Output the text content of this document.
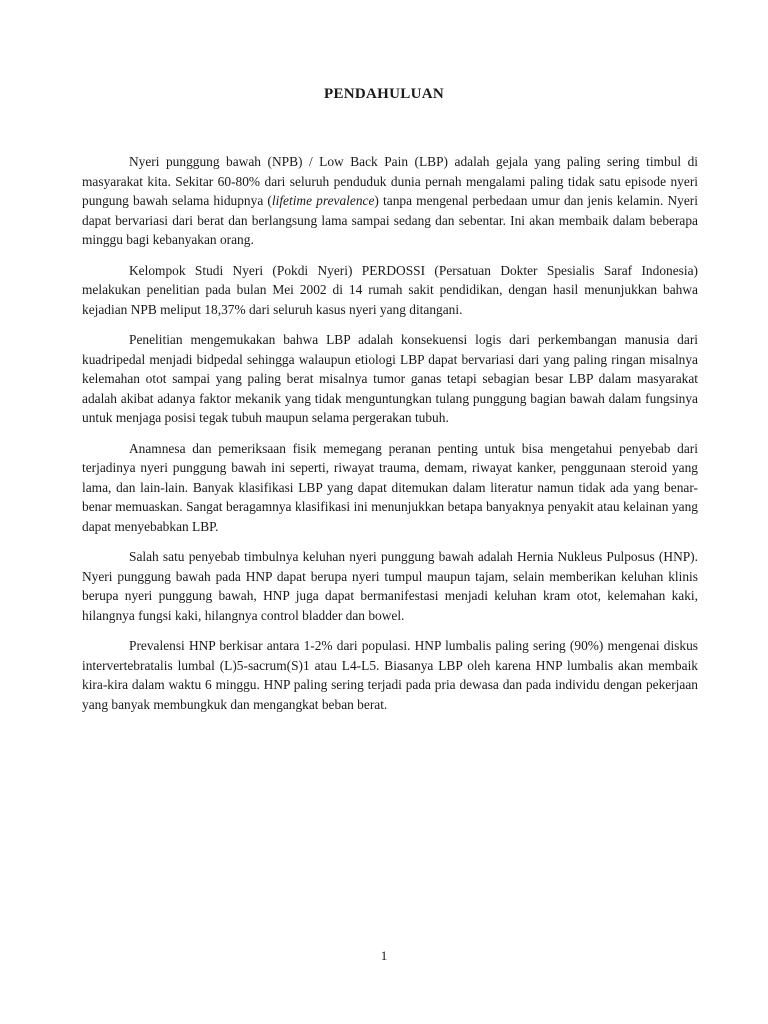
PENDAHULUAN

Nyeri punggung bawah (NPB) / Low Back Pain (LBP) adalah gejala yang paling sering timbul di masyarakat kita. Sekitar 60-80% dari seluruh penduduk dunia pernah mengalami paling tidak satu episode nyeri pungung bawah selama hidupnya (lifetime prevalence) tanpa mengenal perbedaan umur dan jenis kelamin. Nyeri dapat bervariasi dari berat dan berlangsung lama sampai sedang dan sebentar. Ini akan membaik dalam beberapa minggu bagi kebanyakan orang.

Kelompok Studi Nyeri (Pokdi Nyeri) PERDOSSI (Persatuan Dokter Spesialis Saraf Indonesia) melakukan penelitian pada bulan Mei 2002 di 14 rumah sakit pendidikan, dengan hasil menunjukkan bahwa kejadian NPB meliput 18,37% dari seluruh kasus nyeri yang ditangani.

Penelitian mengemukakan bahwa LBP adalah konsekuensi logis dari perkembangan manusia dari kuadripedal menjadi bidpedal sehingga walaupun etiologi LBP dapat bervariasi dari yang paling ringan misalnya kelemahan otot sampai yang paling berat misalnya tumor ganas tetapi sebagian besar LBP dalam masyarakat adalah akibat adanya faktor mekanik yang tidak menguntungkan tulang punggung bagian bawah dalam fungsinya untuk menjaga posisi tegak tubuh maupun selama pergerakan tubuh.

Anamnesa dan pemeriksaan fisik memegang peranan penting untuk bisa mengetahui penyebab dari terjadinya nyeri punggung bawah ini seperti, riwayat trauma, demam, riwayat kanker, penggunaan steroid yang lama, dan lain-lain. Banyak klasifikasi LBP yang dapat ditemukan dalam literatur namun tidak ada yang benar-benar memuaskan. Sangat beragamnya klasifikasi ini menunjukkan betapa banyaknya penyakit atau kelainan yang dapat menyebabkan LBP.

Salah satu penyebab timbulnya keluhan nyeri punggung bawah adalah Hernia Nukleus Pulposus (HNP). Nyeri punggung bawah pada HNP dapat berupa nyeri tumpul maupun tajam, selain memberikan keluhan klinis berupa nyeri punggung bawah, HNP juga dapat bermanifestasi menjadi keluhan kram otot, kelemahan kaki, hilangnya fungsi kaki, hilangnya control bladder dan bowel.

Prevalensi HNP berkisar antara 1-2% dari populasi. HNP lumbalis paling sering (90%) mengenai diskus intervertebratalis lumbal (L)5-sacrum(S)1 atau L4-L5. Biasanya LBP oleh karena HNP lumbalis akan membaik kira-kira dalam waktu 6 minggu. HNP paling sering terjadi pada pria dewasa dan pada individu dengan pekerjaan yang banyak membungkuk dan mengangkat beban berat.

1
